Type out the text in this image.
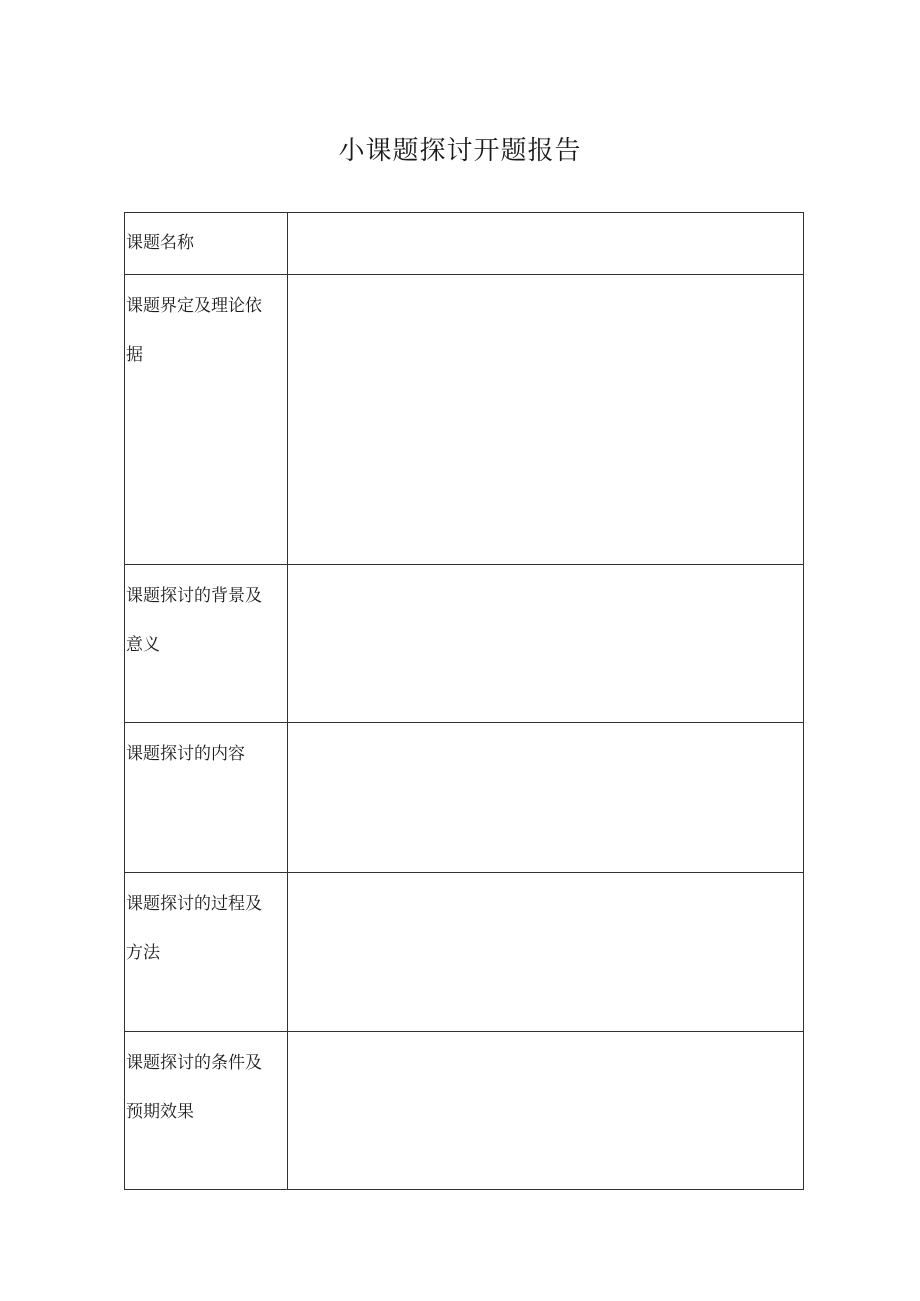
小课题探讨开题报告
课题名称	

课题界定及理论依据	

课题探讨的背景及意义	

课题探讨的内容	

课题探讨的过程及方法	

课题探讨的条件及预期效果	
